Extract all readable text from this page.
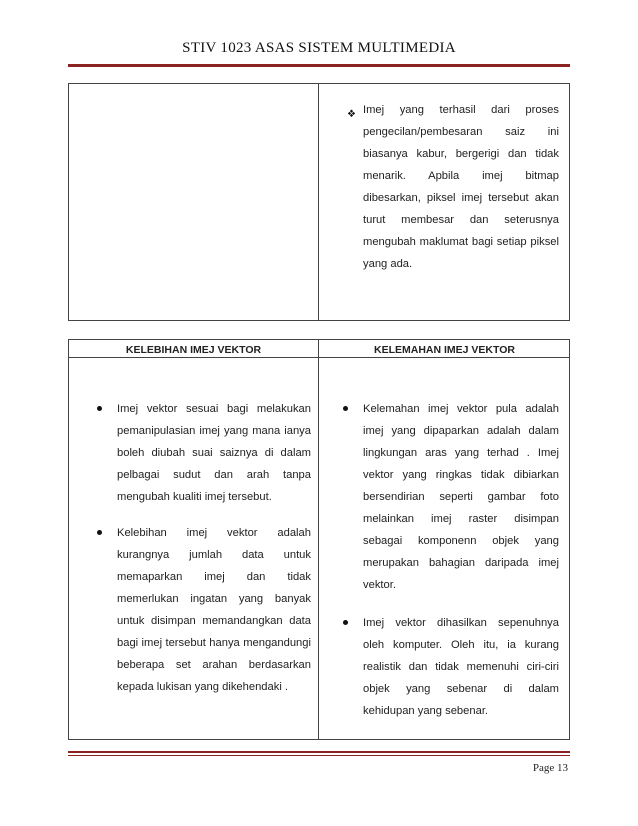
STIV 1023 ASAS SISTEM MULTIMEDIA
❖ Imej yang terhasil dari proses

pengecilan/pembesaran saiz ini

biasanya kabur, bergerigi dan tidak

menarik. Apbila imej bitmap

dibesarkan, piksel imej tersebut akan

turut membesar dan seterusnya

mengubah maklumat bagi setiap piksel

yang ada.

KELEBIHAN IMEJ VEKTOR	KELEMAHAN IMEJ VEKTOR

Imej vektor sesuai bagi melakukan

pemanipulasian imej yang mana ianya

boleh diubah suai saiznya di dalam

pelbagai sudut dan arah tanpa

mengubah kualiti imej tersebut.

Kelebihan imej vektor adalah

kurangnya jumlah data untuk

memaparkan imej dan tidak

memerlukan ingatan yang banyak

untuk disimpan memandangkan data

bagi imej tersebut hanya mengandungi

beberapa set arahan berdasarkan

kepada lukisan yang dikehendaki .

Kelemahan imej vektor pula adalah

imej yang dipaparkan adalah dalam

lingkungan aras yang terhad . Imej

vektor yang ringkas tidak dibiarkan

bersendirian seperti gambar foto

melainkan imej raster disimpan

sebagai komponenn objek yang

merupakan bahagian daripada imej

vektor.

Imej vektor dihasilkan sepenuhnya

oleh komputer. Oleh itu, ia kurang

realistik dan tidak memenuhi ciri-ciri

objek yang sebenar di dalam

kehidupan yang sebenar.

Page 13
